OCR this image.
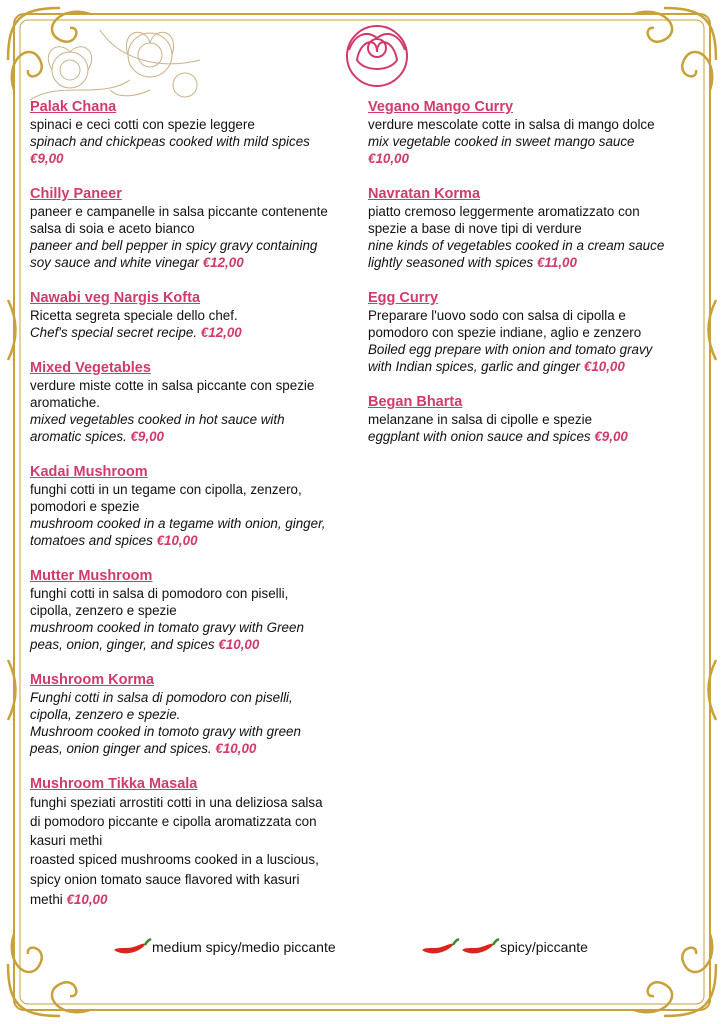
Palak Chana
spinaci e ceci cotti con spezie leggere
spinach and chickpeas cooked with mild spices
€9,00
Chilly Paneer
paneer e campanelle in salsa piccante contenente
salsa di soia e aceto bianco
paneer and bell pepper in spicy gravy containing
soy sauce and white vinegar €12,00
Nawabi veg Nargis Kofta
Ricetta segreta speciale dello chef.
Chef's special secret recipe. €12,00
Mixed Vegetables
verdure miste cotte in salsa piccante con spezie
aromatiche.
mixed vegetables cooked in hot sauce with
aromatic spices. €9,00
Kadai Mushroom
funghi cotti in un tegame con cipolla, zenzero,
pomodori e spezie
mushroom cooked in a tegame with onion, ginger,
tomatoes and spices €10,00
Mutter Mushroom
funghi cotti in salsa di pomodoro con piselli,
cipolla, zenzero e spezie
mushroom cooked in tomato gravy with Green
peas, onion, ginger, and spices €10,00
Mushroom Korma
Funghi cotti in salsa di pomodoro con piselli,
cipolla, zenzero e spezie.
Mushroom cooked in tomoto gravy with green
peas, onion ginger and spices. €10,00
Mushroom Tikka Masala
funghi speziati arrostiti cotti in una deliziosa salsa
di pomodoro piccante e cipolla aromatizzata con
kasuri methi
roasted spiced mushrooms cooked in a luscious,
spicy onion tomato sauce flavored with kasuri
methi €10,00
Vegano Mango Curry
verdure mescolate cotte in salsa di mango dolce
mix vegetable cooked in sweet mango sauce
€10,00
Navratan Korma
piatto cremoso leggermente aromatizzato con
spezie a base di nove tipi di verdure
nine kinds of vegetables cooked in a cream sauce
lightly seasoned with spices €11,00
Egg Curry
Preparare l'uovo sodo con salsa di cipolla e
pomodoro con spezie indiane, aglio e zenzero
Boiled egg prepare with onion and tomato gravy
with Indian spices, garlic and ginger €10,00
Began Bharta
melanzane in salsa di cipolle e spezie
eggplant with onion sauce and spices €9,00
medium spicy/medio piccante	spicy/piccante
